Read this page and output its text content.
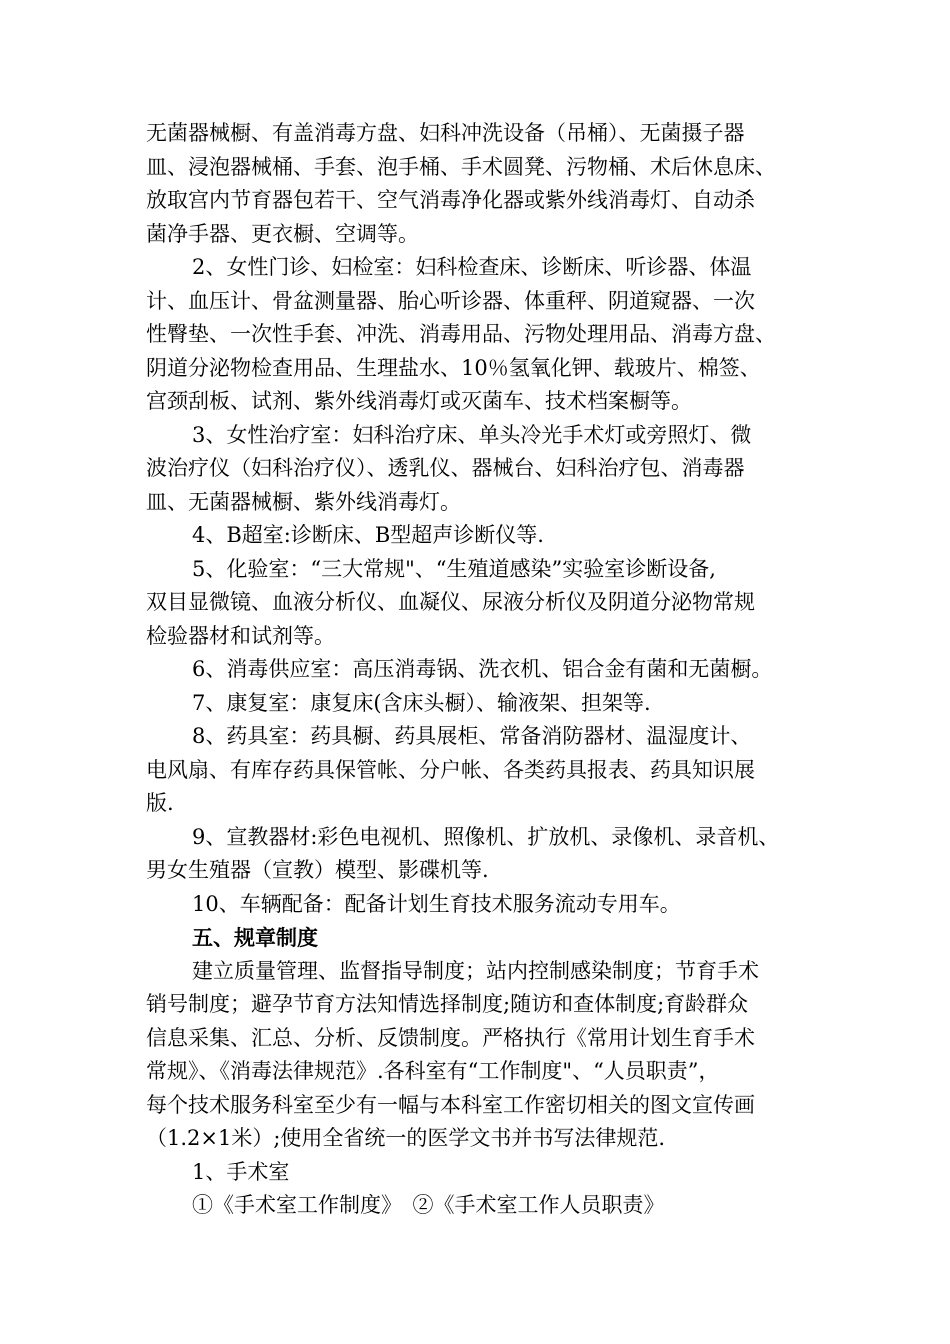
无菌器械橱、有盖消毒方盘、妇科冲洗设备（吊桶）、无菌摄子器
皿、浸泡器械桶、手套、泡手桶、手术圆凳、污物桶、术后休息床、
放取宫内节育器包若干、空气消毒净化器或紫外线消毒灯、自动杀
菌净手器、更衣橱、空调等。
2、女性门诊、妇检室：妇科检查床、诊断床、听诊器、体温
计、血压计、骨盆测量器、胎心听诊器、体重秤、阴道窥器、一次
性臀垫、一次性手套、冲洗、消毒用品、污物处理用品、消毒方盘、
阴道分泌物检查用品、生理盐水、10％氢氧化钾、载玻片、棉签、
宫颈刮板、试剂、紫外线消毒灯或灭菌车、技术档案橱等。
3、女性治疗室：妇科治疗床、单头冷光手术灯或旁照灯、微
波治疗仪（妇科治疗仪）、透乳仪、器械台、妇科治疗包、消毒器
皿、无菌器械橱、紫外线消毒灯。
4、B超室:诊断床、B型超声诊断仪等.
5、化验室：“三大常规"、“生殖道感染”实验室诊断设备,
双目显微镜、血液分析仪、血凝仪、尿液分析仪及阴道分泌物常规
检验器材和试剂等。
6、消毒供应室：高压消毒锅、洗衣机、铝合金有菌和无菌橱。
7、康复室：康复床(含床头橱）、输液架、担架等.
8、药具室：药具橱、药具展柜、常备消防器材、温湿度计、
电风扇、有库存药具保管帐、分户帐、各类药具报表、药具知识展
版.
9、宣教器材:彩色电视机、照像机、扩放机、录像机、录音机、
男女生殖器（宣教）模型、影碟机等.
10、车辆配备：配备计划生育技术服务流动专用车。
五、规章制度
建立质量管理、监督指导制度；站内控制感染制度；节育手术
销号制度；避孕节育方法知情选择制度;随访和查体制度;育龄群众
信息采集、汇总、分析、反馈制度。严格执行《常用计划生育手术
常规》、《消毒法律规范》.各科室有“工作制度"、“人员职责”，
每个技术服务科室至少有一幅与本科室工作密切相关的图文宣传画
（1.2×1米）;使用全省统一的医学文书并书写法律规范.
1、手术室
①《手术室工作制度》　②《手术室工作人员职责》
